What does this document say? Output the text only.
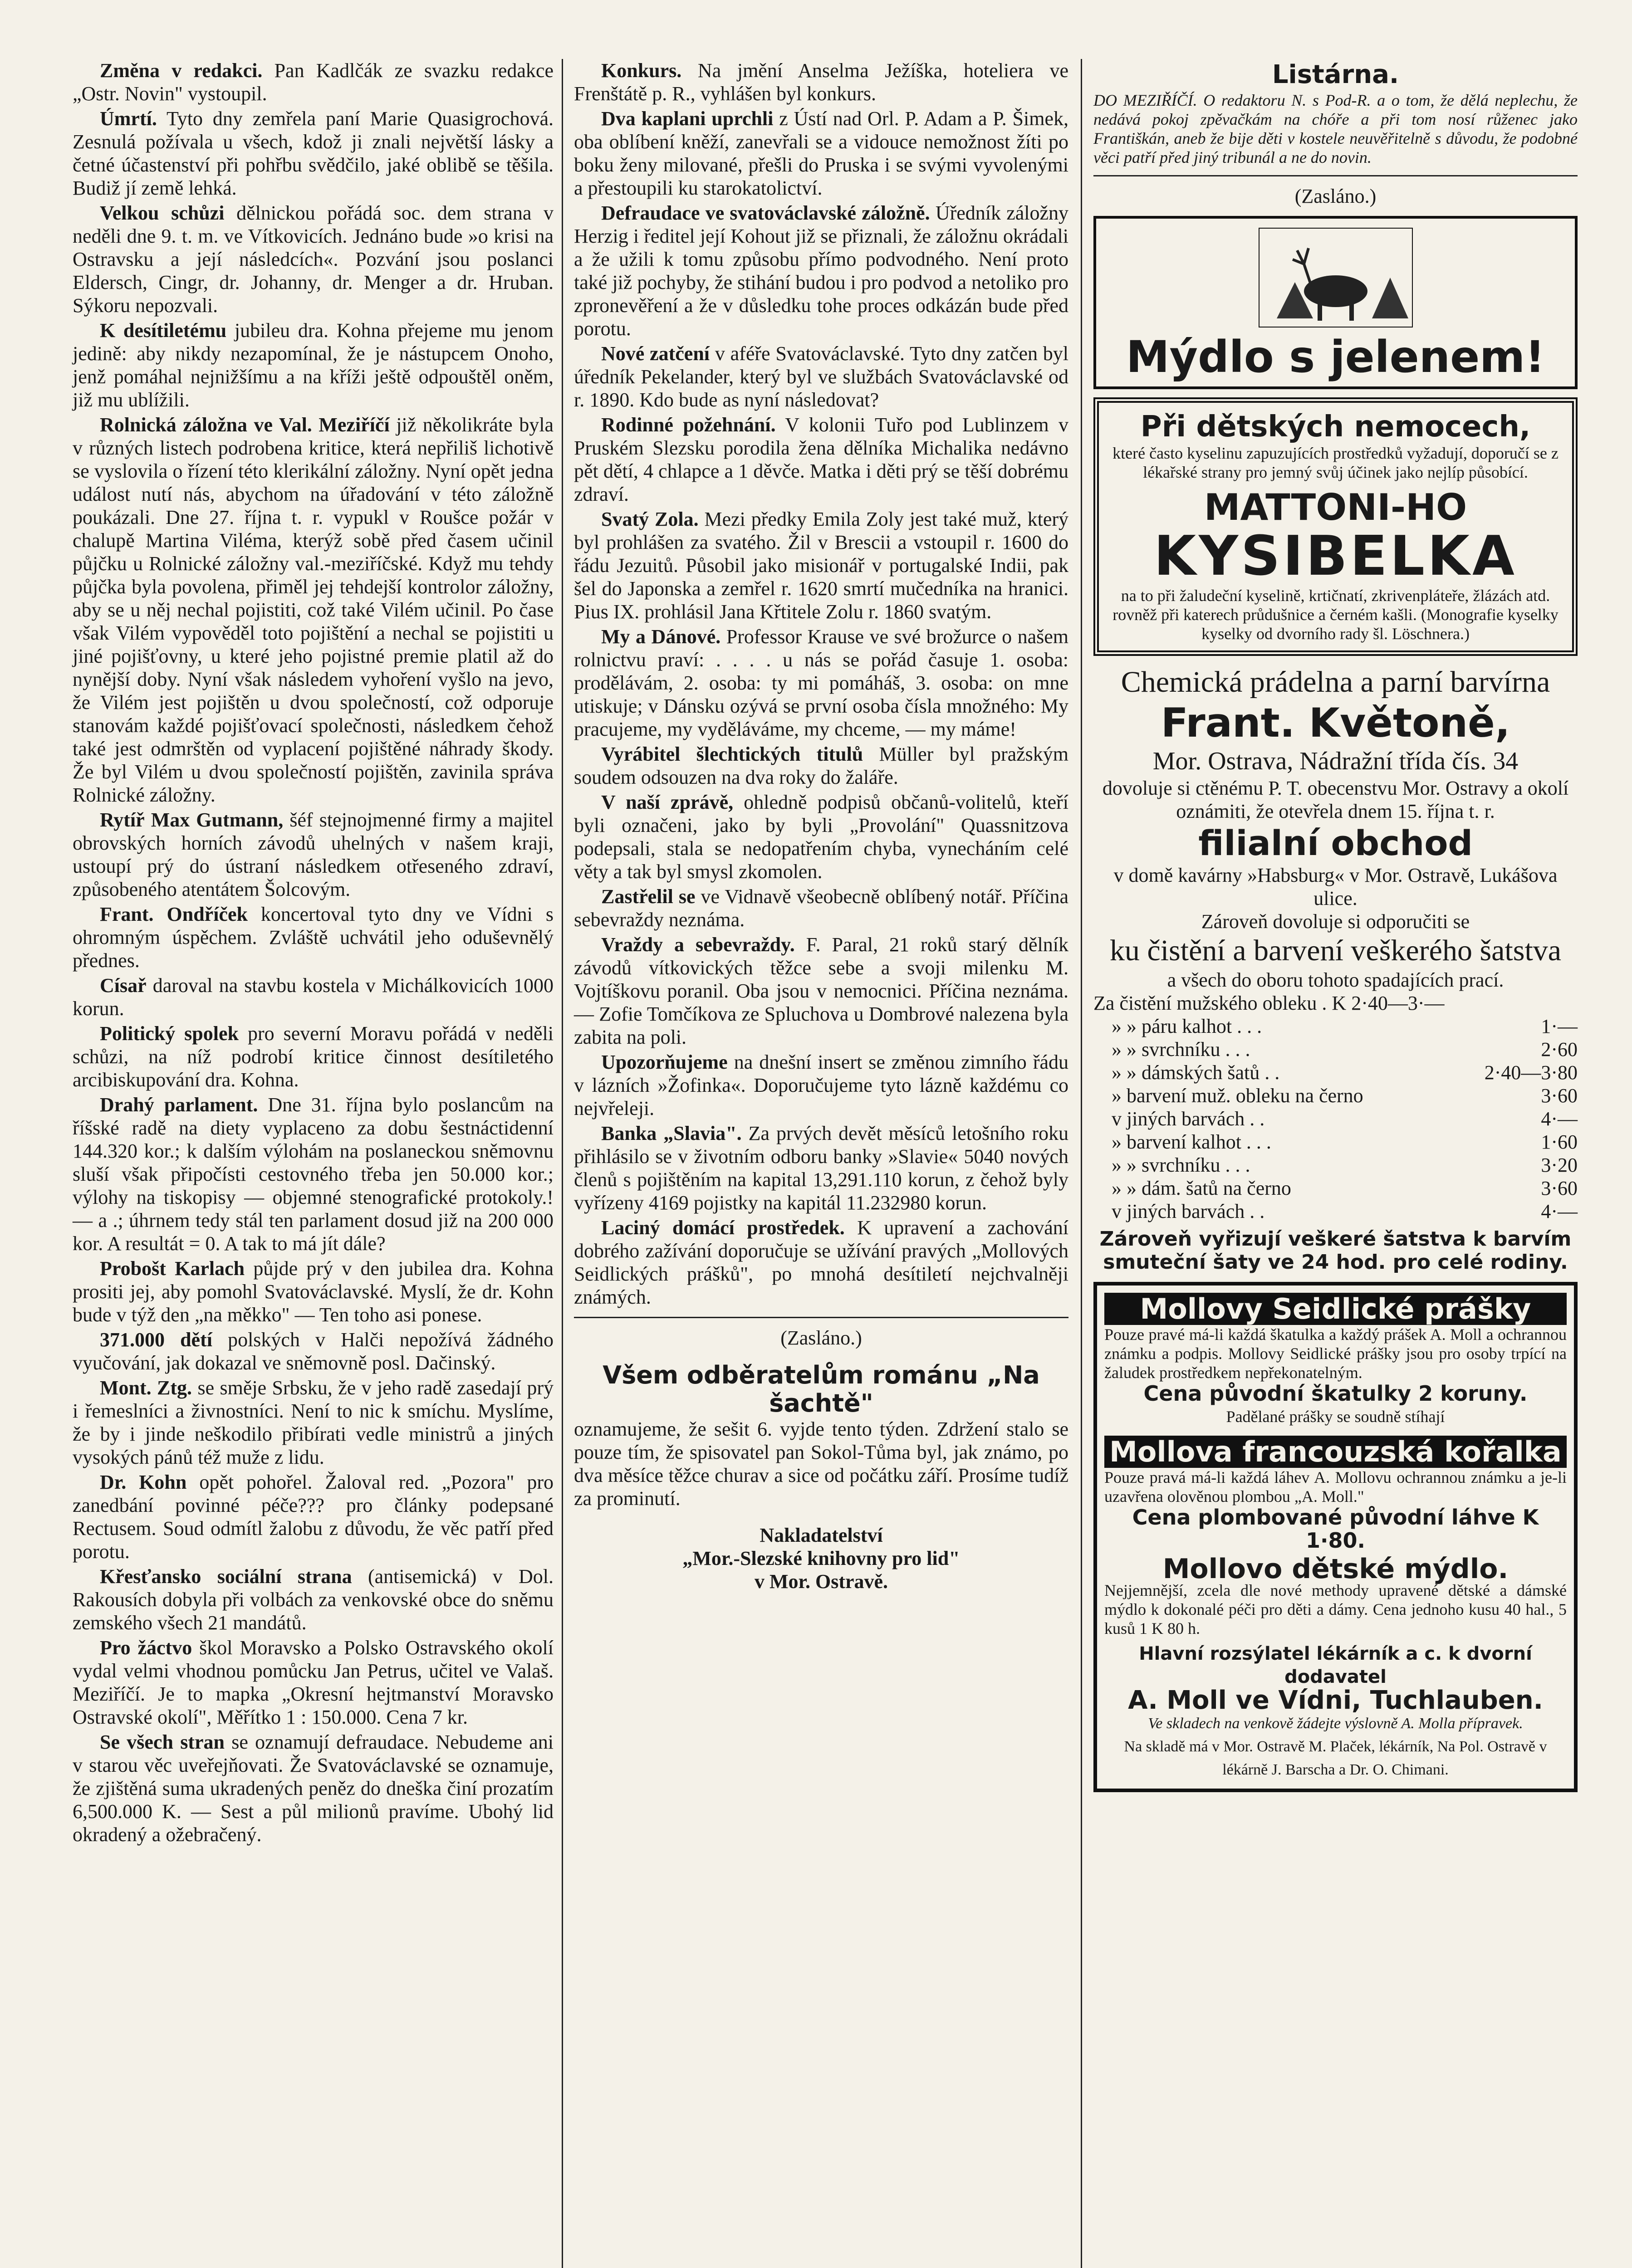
Změna v redakci. Pan Kadlčák ze svazku redakce „Ostr. Novin" vystoupil.

Úmrtí. Tyto dny zemřela paní Marie Quasigrochová. Zesnulá požívala u všech, kdož ji znali největší lásky a četné účastenství při pohřbu svědčilo, jaké oblibě se těšila. Budiž jí země lehká.

Velkou schůzi dělnickou pořádá soc. dem strana v neděli dne 9. t. m. ve Vítkovicích. Jednáno bude »o krisi na Ostravsku a její následcích«. Pozvání jsou poslanci Eldersch, Cingr, dr. Johanny, dr. Menger a dr. Hruban. Sýkoru nepozvali.

K desítiletému jubileu dra. Kohna přejeme mu jenom jedině: aby nikdy nezapomínal, že je nástupcem Onoho, jenž pomáhal nejnižšímu a na kříži ještě odpouštěl oněm, již mu ublížili.

Rolnická záložna ve Val. Meziříčí již několikráte byla v různých listech podrobena kritice, která nepřiliš lichotivě se vyslovila o řízení této klerikální záložny. Nyní opět jedna událost nutí nás, abychom na úřadování v této záložně poukázali. Dne 27. října t. r. vypukl v Roušce požár v chalupě Martina Viléma, kterýž sobě před časem učinil půjčku u Rolnické záložny val.-meziříčské. Když mu tehdy půjčka byla povolena, přiměl jej tehdejší kontrolor záložny, aby se u něj nechal pojistiti, což také Vilém učinil. Po čase však Vilém vypověděl toto pojištění a nechal se pojistiti u jiné pojišťovny, u které jeho pojistné premie platil až do nynější doby. Nyní však následem vyhoření vyšlo na jevo, že Vilém jest pojištěn u dvou společností, což odporuje stanovám každé pojišťovací společnosti, následkem čehož také jest odmrštěn od vyplacení pojištěné náhrady škody. Že byl Vilém u dvou společností pojištěn, zavinila správa Rolnické záložny.

Rytíř Max Gutmann, šéf stejnojmenné firmy a majitel obrovských horních závodů uhelných v našem kraji, ustoupí prý do ústraní následkem otřeseného zdraví, způsobeného atentátem Šolcovým.

Frant. Ondříček koncertoval tyto dny ve Vídni s ohromným úspěchem. Zvláště uchvátil jeho oduševnělý přednes.

Císař daroval na stavbu kostela v Michálkovicích 1000 korun.

Politický spolek pro severní Moravu pořádá v neděli schůzi, na níž podrobí kritice činnost desítiletého arcibiskupování dra. Kohna.

Drahý parlament. Dne 31. října bylo poslancům na říšské radě na diety vyplaceno za dobu šestnáctidenní 144.320 kor.; k dalším výlohám na poslaneckou sněmovnu sluší však připočísti cestovného třeba jen 50.000 kor.; výlohy na tiskopisy — objemné stenografické protokoly.! — a .; úhrnem tedy stál ten parlament dosud již na 200 000 kor. A resultát = 0. A tak to má jít dále?

Probošt Karlach půjde prý v den jubilea dra. Kohna prositi jej, aby pomohl Svatováclavské. Myslí, že dr. Kohn bude v týž den „na měkko" — Ten toho asi ponese.

371.000 dětí polských v Halči nepožívá žádného vyučování, jak dokazal ve sněmovně posl. Dačinský.

Mont. Ztg. se směje Srbsku, že v jeho radě zasedají prý i řemeslníci a živnostníci. Není to nic k smíchu. Myslíme, že by i jinde neškodilo přibírati vedle ministrů a jiných vysokých pánů též muže z lidu.

Dr. Kohn opět pohořel. Žaloval red. „Pozora" pro zanedbání povinné péče??? pro články podepsané Rectusem. Soud odmítl žalobu z důvodu, že věc patří před porotu.

Křesťansko sociální strana (antisemická) v Dol. Rakousích dobyla při volbách za venkovské obce do sněmu zemského všech 21 mandátů.

Pro žáctvo škol Moravsko a Polsko Ostravského okolí vydal velmi vhodnou pomůcku Jan Petrus, učitel ve Valaš. Meziříčí. Je to mapka „Okresní hejtmanství Moravsko Ostravské okolí", Měřítko 1 : 150.000. Cena 7 kr.

Se všech stran se oznamují defraudace. Nebudeme ani v starou věc uveřejňovati. Že Svatováclavské se oznamuje, že zjištěná suma ukradených peněz do dneška činí prozatím 6,500.000 K. — Sest a půl milionů pravíme. Ubohý lid okradený a ožebračený.

Konkurs. Na jmění Anselma Ježíška, hoteliera ve Frenštátě p. R., vyhlášen byl konkurs.

Dva kaplani uprchli z Ústí nad Orl. P. Adam a P. Šimek, oba oblíbení kněží, zanevřali se a vidouce nemožnost žíti po boku ženy milované, přešli do Pruska i se svými vyvolenými a přestoupili ku starokatolictví.

Defraudace ve svatováclavské záložně. Úředník záložny Herzig i ředitel její Kohout již se přiznali, že záložnu okrádali a že užili k tomu způsobu přímo podvodného. Není proto také již pochyby, že stihání budou i pro podvod a netoliko pro zpronevěření a že v důsledku tohe proces odkázán bude před porotu.

Nové zatčení v aféře Svatováclavské. Tyto dny zatčen byl úředník Pekelander, který byl ve službách Svatováclavské od r. 1890. Kdo bude as nyní následovat?

Rodinné požehnání. V kolonii Tuřo pod Lublinzem v Pruském Slezsku porodila žena dělníka Michalika nedávno pět dětí, 4 chlapce a 1 děvče. Matka i děti prý se těší dobrému zdraví.

Svatý Zola. Mezi předky Emila Zoly jest také muž, který byl prohlášen za svatého. Žil v Brescii a vstoupil r. 1600 do řádu Jezuitů. Působil jako misionář v portugalské Indii, pak šel do Japonska a zemřel r. 1620 smrtí mučedníka na hranici. Pius IX. prohlásil Jana Křtitele Zolu r. 1860 svatým.

My a Dánové. Professor Krause ve své brožurce o našem rolnictvu praví: . . . . u nás se pořád časuje 1. osoba: prodělávám, 2. osoba: ty mi pomáháš, 3. osoba: on mne utiskuje; v Dánsku ozývá se první osoba čísla množného: My pracujeme, my vyděláváme, my chceme, — my máme!

Vyrábitel šlechtických titulů Müller byl pražským soudem odsouzen na dva roky do žaláře.

V naší zprávě, ohledně podpisů občanů-volitelů, kteří byli označeni, jako by byli „Provolání" Quassnitzova podepsali, stala se nedopatřením chyba, vynecháním celé věty a tak byl smysl zkomolen.

Zastřelil se ve Vidnavě všeobecně oblíbený notář. Příčina sebevraždy neznáma.

Vraždy a sebevraždy. F. Paral, 21 roků starý dělník závodů vítkovických těžce sebe a svoji milenku M. Vojtíškovu poranil. Oba jsou v nemocnici. Příčina neznáma. — Zofie Tomčíkova ze Spluchova u Dombrové nalezena byla zabita na poli.

Upozorňujeme na dnešní insert se změnou zimního řádu v lázních »Žofinka«. Doporučujeme tyto lázně každému co nejvřeleji.

Banka „Slavia". Za prvých devět měsíců letošního roku přihlásilo se v životním odboru banky »Slavie« 5040 nových členů s pojištěním na kapital 13,291.110 korun, z čehož byly vyřízeny 4169 pojistky na kapitál 11.232980 korun.

Laciný domácí prostředek. K upravení a zachování dobrého zažívání doporučuje se užívání pravých „Mollových Seidlických prášků", po mnohá desítiletí nejchvalněji známých.

(Zasláno.)

Všem odběratelům románu „Na šachtě"

oznamujeme, že sešit 6. vyjde tento týden. Zdržení stalo se pouze tím, že spisovatel pan Sokol-Tůma byl, jak známo, po dva měsíce těžce churav a sice od počátku září. Prosíme tudíž za prominutí.

Nakladatelství

„Mor.-Slezské knihovny pro lid"

v Mor. Ostravě.

Listárna.

DO MEZIŘÍČÍ. O redaktoru N. s Pod-R. a o tom, že dělá neplechu, že nedává pokoj zpěvačkám na chóře a při tom nosí růženec jako Františkán, aneb že bije děti v kostele neuvěřitelně s důvodu, že podobné věci patří před jiný tribunál a ne do novin.

(Zasláno.)

Mýdlo s jelenem!

Při dětských nemocech,

které často kyselinu zapuzujících prostředků vyžadují, doporučí se z lékařské strany pro jemný svůj účinek jako nejlíp působící.

MATTONI-HO

KYSIBELKA

na to při žaludeční kyselině, krtičnatí, zkrivenpláteře, žlázách atd. rovněž při katerech průdušnice a černém kašli. (Monografie kyselky kyselky od dvorního rady šl. Löschnera.)

Chemická prádelna a parní barvírna

Frant. Květoně,

Mor. Ostrava, Nádražní třída čís. 34

dovoluje si ctěnému P. T. obecenstvu Mor. Ostravy a okolí oznámiti, že otevřela dnem 15. října t. r.

filialní obchod

v domě kavárny »Habsburg« v Mor. Ostravě, Lukášova ulice.

Zároveň dovoluje si odporučiti se

ku čistění a barvení veškerého šatstva

a všech do oboru tohoto spadajících prací.

Za čistění mužského obleku . K 2·40—3·—

» » páru kalhot . . .	1·—
» » svrchníku . . .	2·60
» » dámských šatů . .	2·40—3·80
» barvení muž. obleku na černo	3·60
v jiných barvách . .	4·—
» barvení kalhot . . .	1·60
» » svrchníku . . .	3·20
» » dám. šatů na černo	3·60
v jiných barvách . .	4·—

Zároveň vyřizují veškeré šatstva k barvím smuteční šaty ve 24 hod. pro celé rodiny.

Mollovy Seidlické prášky

Pouze pravé má-li každá škatulka a každý prášek A. Moll a ochrannou známku a podpis. Mollovy Seidlické prášky jsou pro osoby trpící na žaludek prostředkem nepřekonatelným.

Cena původní škatulky 2 koruny.

Padělané prášky se soudně stíhají

Mollova francouzská kořalka

Pouze pravá má-li každá láhev A. Mollovu ochrannou známku a je-li uzavřena olověnou plombou „A. Moll."

Cena plombované původní láhve K 1·80.

Mollovo dětské mýdlo.

Nejjemnější, zcela dle nové methody upravené dětské a dámské mýdlo k dokonalé péči pro děti a dámy. Cena jednoho kusu 40 hal., 5 kusů 1 K 80 h.

Hlavní rozsýlatel lékárník a c. k dvorní dodavatel

A. Moll ve Vídni, Tuchlauben.

Ve skladech na venkově žádejte výslovně A. Molla přípravek.

Na skladě má v Mor. Ostravě M. Plaček, lékárník, Na Pol. Ostravě v lékárně J. Barscha a Dr. O. Chimani.
